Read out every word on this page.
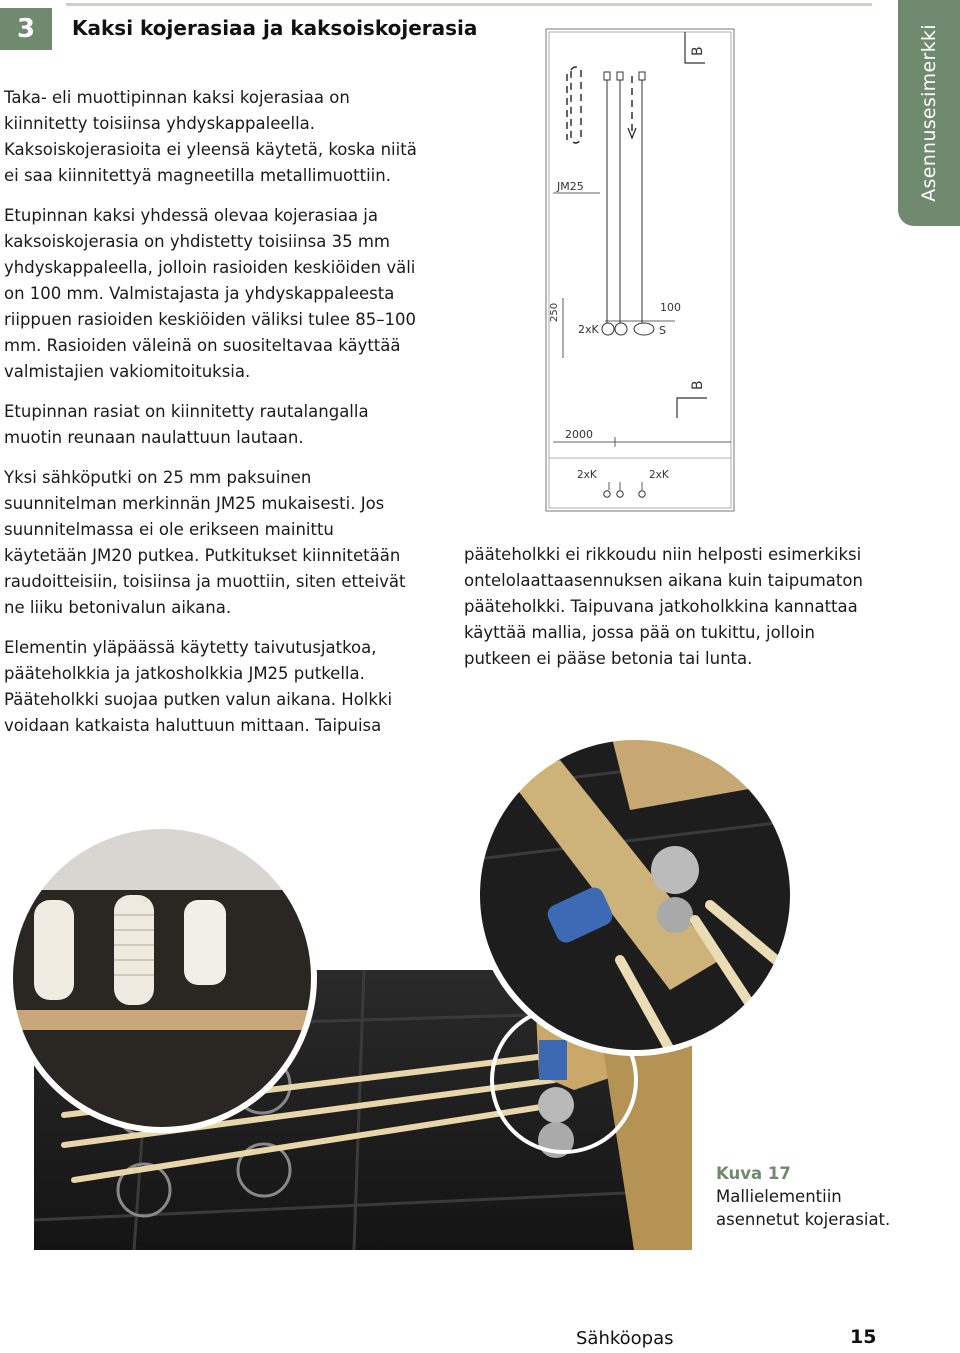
3 Kaksi kojerasiaa ja kaksoiskojerasia	Asennusesimerkki

Taka- eli muottipinnan kaksi kojerasiaa on kiinnitetty toisiinsa yhdyskappaleella. Kaksoiskojerasioita ei yleensä käytetä, koska niitä ei saa kiinnitettyä magneetilla metallimuottiin.

Etupinnan kaksi yhdessä olevaa kojerasiaa ja kaksoiskojerasia on yhdistetty toisiinsa 35 mm yhdyskappaleella, jolloin rasioiden keskiöiden väli on 100 mm. Valmistajasta ja yhdyskappaleesta riippuen rasioiden keskiöiden väliksi tulee 85–100 mm. Rasioiden väleinä on suositeltavaa käyttää valmistajien vakiomitoituksia.

Etupinnan rasiat on kiinnitetty rautalangalla muotin reunaan naulattuun lautaan.

Yksi sähköputki on 25 mm paksuinen suunnitelman merkinnän JM25 mukaisesti. Jos suunnitelmassa ei ole erikseen mainittu käytetään JM20 putkea. Putkitukset kiinnitetään raudoitteisiin, toisiinsa ja muottiin, siten etteivät ne liiku betonivalun aikana.

Elementin yläpäässä käytetty taivutusjatkoa, pääteholkkia ja jatkosholkkia JM25 putkella. Pääteholkki suojaa putken valun aikana. Holkki voidaan katkaista haluttuun mittaan. Taipuisa

pääteholkki ei rikkoudu niin helposti esimerkiksi ontelolaattaasennuksen aikana kuin taipumaton pääteholkki. Taipuvana jatkoholkkina kannattaa käyttää mallia, jossa pää on tukittu, jolloin putkeen ei pääse betonia tai lunta.

B
JM25
250	100
2xK	S
B
2000
2xK	2xK
Kuva 17
Mallielementiin asennetut kojerasiat.
Sähköopas	15
